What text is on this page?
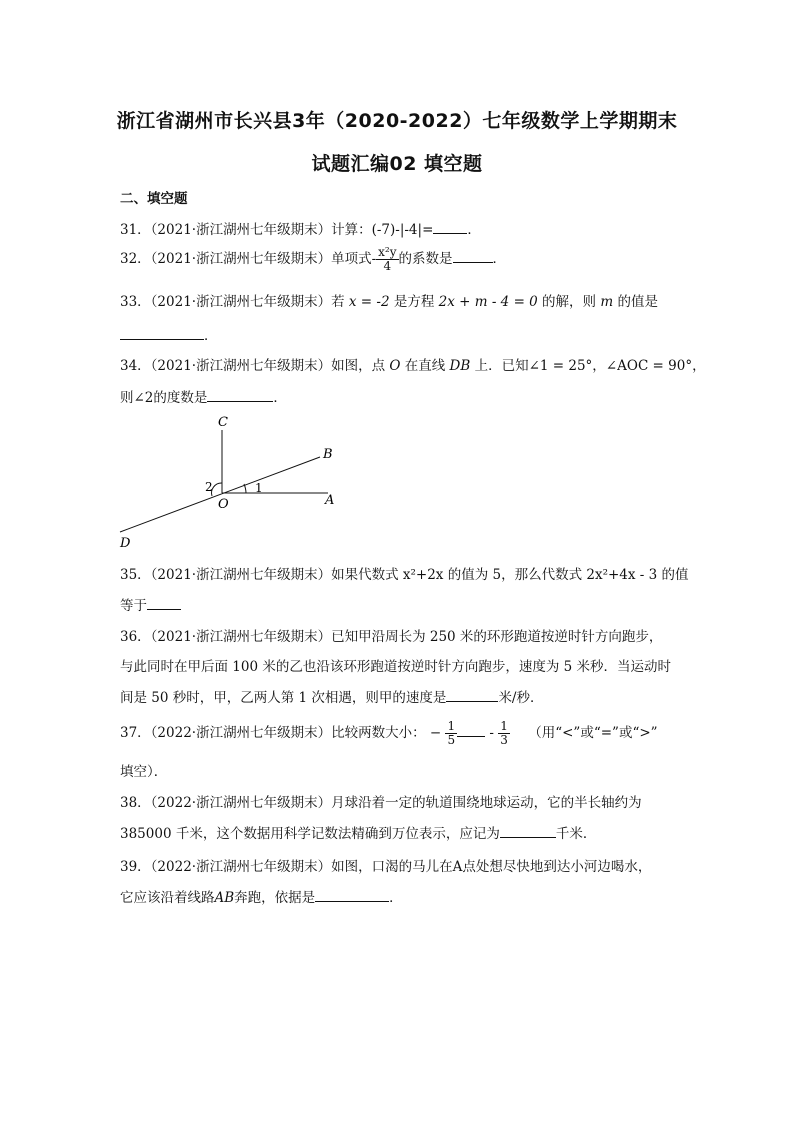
浙江省湖州市长兴县3年（2020-2022）七年级数学上学期期末
试题汇编02 填空题
二、填空题
31．（2021·浙江湖州七年级期末）计算：(-7)-|-4|=	．
32．（2021·浙江湖州七年级期末）单项式- $\frac{\text{x²y}}{4}$ 的系数是	．
33．（2021·浙江湖州七年级期末）若 x = -2 是方程 2x + m - 4 = 0 的解，则 m 的值是
．
34．（2021·浙江湖州七年级期末）如图，点 O 在直线 DB 上．已知∠1 = 25°，∠AOC = 90°，
则∠2的度数是	．
C
B
A
D
O
1
2
35．（2021·浙江湖州七年级期末）如果代数式 x²+2x 的值为 5，那么代数式 2x²+4x - 3 的值
等于
36．（2021·浙江湖州七年级期末）已知甲沿周长为 250 米的环形跑道按逆时针方向跑步，
与此同时在甲后面 100 米的乙也沿该环形跑道按逆时针方向跑步，速度为 5 米秒．当运动时
间是 50 秒时，甲，乙两人第 1 次相遇，则甲的速度是	米/秒．
37．（2022·浙江湖州七年级期末）比较两数大小： − $\frac{1}{5} - \frac{1}{3}$ （用“<”或“=”或“>”
填空）．
38．（2022·浙江湖州七年级期末）月球沿着一定的轨道围绕地球运动，它的半长轴约为
385000 千米，这个数据用科学记数法精确到万位表示，应记为	千米．
39．（2022·浙江湖州七年级期末）如图，口渴的马儿在A点处想尽快地到达小河边喝水，
它应该沿着线路AB奔跑，依据是	．
